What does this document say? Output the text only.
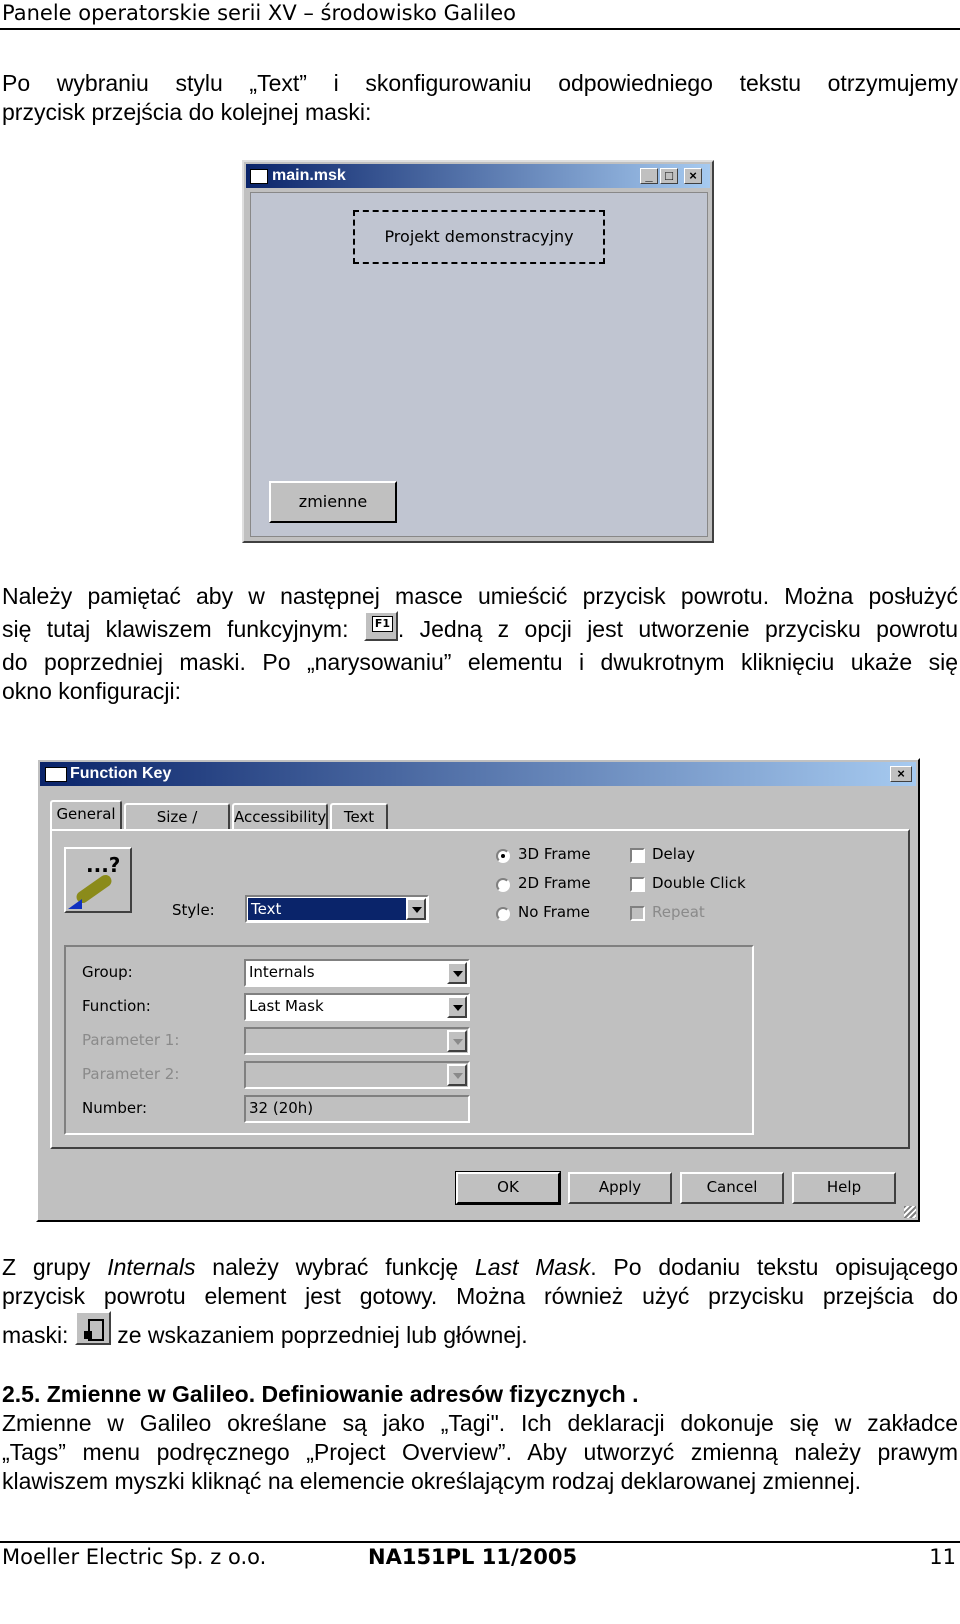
Panele operatorskie serii XV – środowisko Galileo
Po wybraniu stylu „Text” i skonfigurowaniu odpowiedniego tekstu otrzymujemy
przycisk przejścia do kolejnej maski:
main.msk	_ □	×
Projekt demonstracyjny
zmienne
Należy pamiętać aby w następnej masce umieścić przycisk powrotu. Można posłużyć
się tutaj klawiszem funkcyjnym: F1 . Jedną z opcji jest utworzenie przycisku powrotu
do poprzedniej maski. Po „narysowaniu” elementu i dwukrotnym kliknięciu ukaże się
okno konfiguracji:
Function Key	×
General	Size /	Accessibility	Text
...?
Style: Text
3D Frame
2D Frame
No Frame
Delay
Double Click
Repeat
Group:	Internals
Function:	Last Mask
Parameter 1:
Parameter 2:
Number:	32 (20h)
OK	Apply	Cancel	Help
Z grupy Internals należy wybrać funkcję Last Mask. Po dodaniu tekstu opisującego
przycisk powrotu element jest gotowy. Można również użyć przycisku przejścia do
maski:
ze wskazaniem poprzedniej lub głównej.
2.5. Zmienne w Galileo. Definiowanie adresów fizycznych .
Zmienne w Galileo określane są jako „Tagi". Ich deklaracji dokonuje się w zakładce
„Tags” menu podręcznego „Project Overview”. Aby utworzyć zmienną należy prawym
klawiszem myszki kliknąć na elemencie określającym rodzaj deklarowanej zmiennej.
Moeller Electric Sp. z o.o.	NA151PL 11/2005	11
